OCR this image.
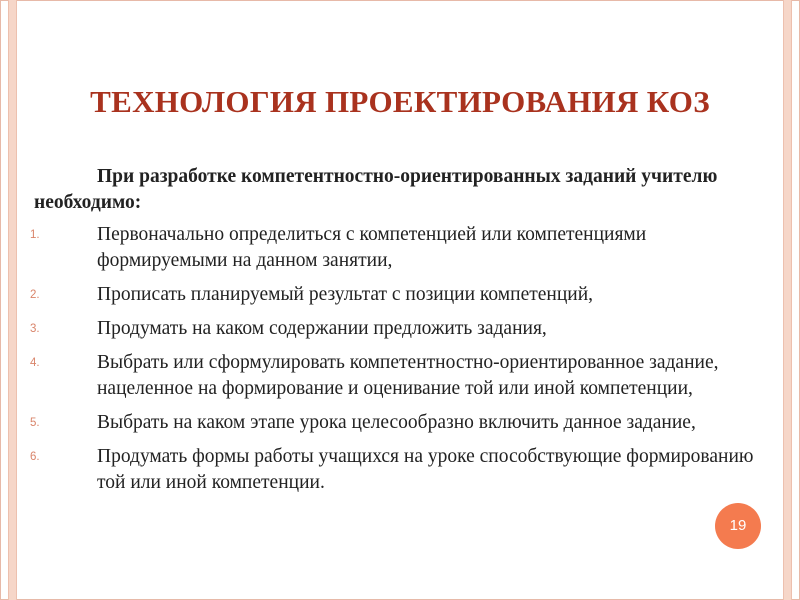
ТЕХНОЛОГИЯ ПРОЕКТИРОВАНИЯ КОЗ
При разработке компетентностно-ориентированных заданий учителю необходимо:
1.	Первоначально определиться с компетенцией или компетенциями формируемыми на данном занятии,
2.	Прописать планируемый результат с позиции компетенций,
3.	Продумать на каком содержании предложить задания,
4.	Выбрать или сформулировать компетентностно-ориентированное задание, нацеленное на формирование и оценивание той или иной компетенции,
5.	Выбрать на каком этапе урока целесообразно включить данное задание,
6.	Продумать формы работы учащихся на уроке способствующие формированию той или иной компетенции.
19
